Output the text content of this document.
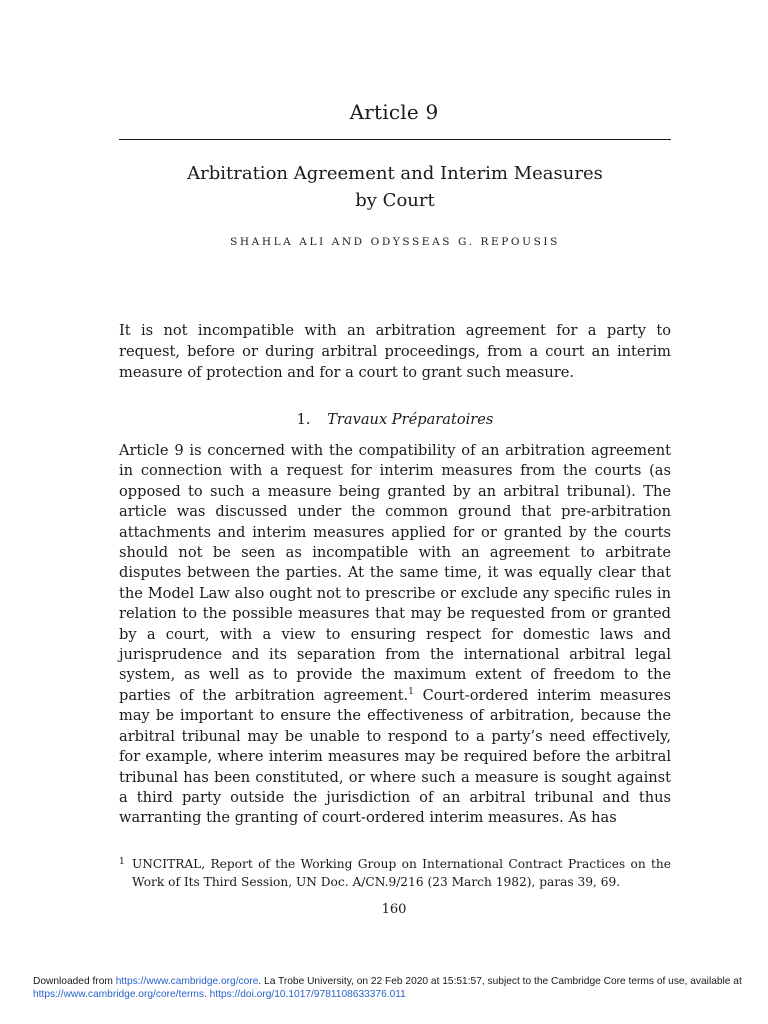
Article 9
Arbitration Agreement and Interim Measures
by Court
SHAHLA ALI AND ODYSSEAS G. REPOUSIS
It is not incompatible with an arbitration agreement for a party to request, before or during arbitral proceedings, from a court an interim measure of protection and for a court to grant such measure.
1. Travaux Préparatoires

Article 9 is concerned with the compatibility of an arbitration agreement in connection with a request for interim measures from the courts (as opposed to such a measure being granted by an arbitral tribunal). The article was discussed under the common ground that pre-arbitration attachments and interim measures applied for or granted by the courts should not be seen as incompatible with an agreement to arbitrate disputes between the parties. At the same time, it was equally clear that the Model Law also ought not to prescribe or exclude any specific rules in relation to the possible measures that may be requested from or granted by a court, with a view to ensuring respect for domestic laws and jurisprudence and its separation from the international arbitral legal system, as well as to provide the maximum extent of freedom to the parties of the arbitration agreement.$^1$ Court-ordered interim measures may be important to ensure the effectiveness of arbitration, because the arbitral tribunal may be unable to respond to a party’s need effectively, for example, where interim measures may be required before the arbitral tribunal has been constituted, or where such a measure is sought against a third party outside the jurisdiction of an arbitral tribunal and thus warranting the granting of court-ordered interim measures. As has

1 UNCITRAL, Report of the Working Group on International Contract Practices on the Work of Its Third Session, UN Doc. A/CN.9/216 (23 March 1982), paras 39, 69.
160
Downloaded from https://www.cambridge.org/core. La Trobe University, on 22 Feb 2020 at 15:51:57, subject to the Cambridge Core terms of use, available at https://www.cambridge.org/core/terms. https://doi.org/10.1017/9781108633376.011
